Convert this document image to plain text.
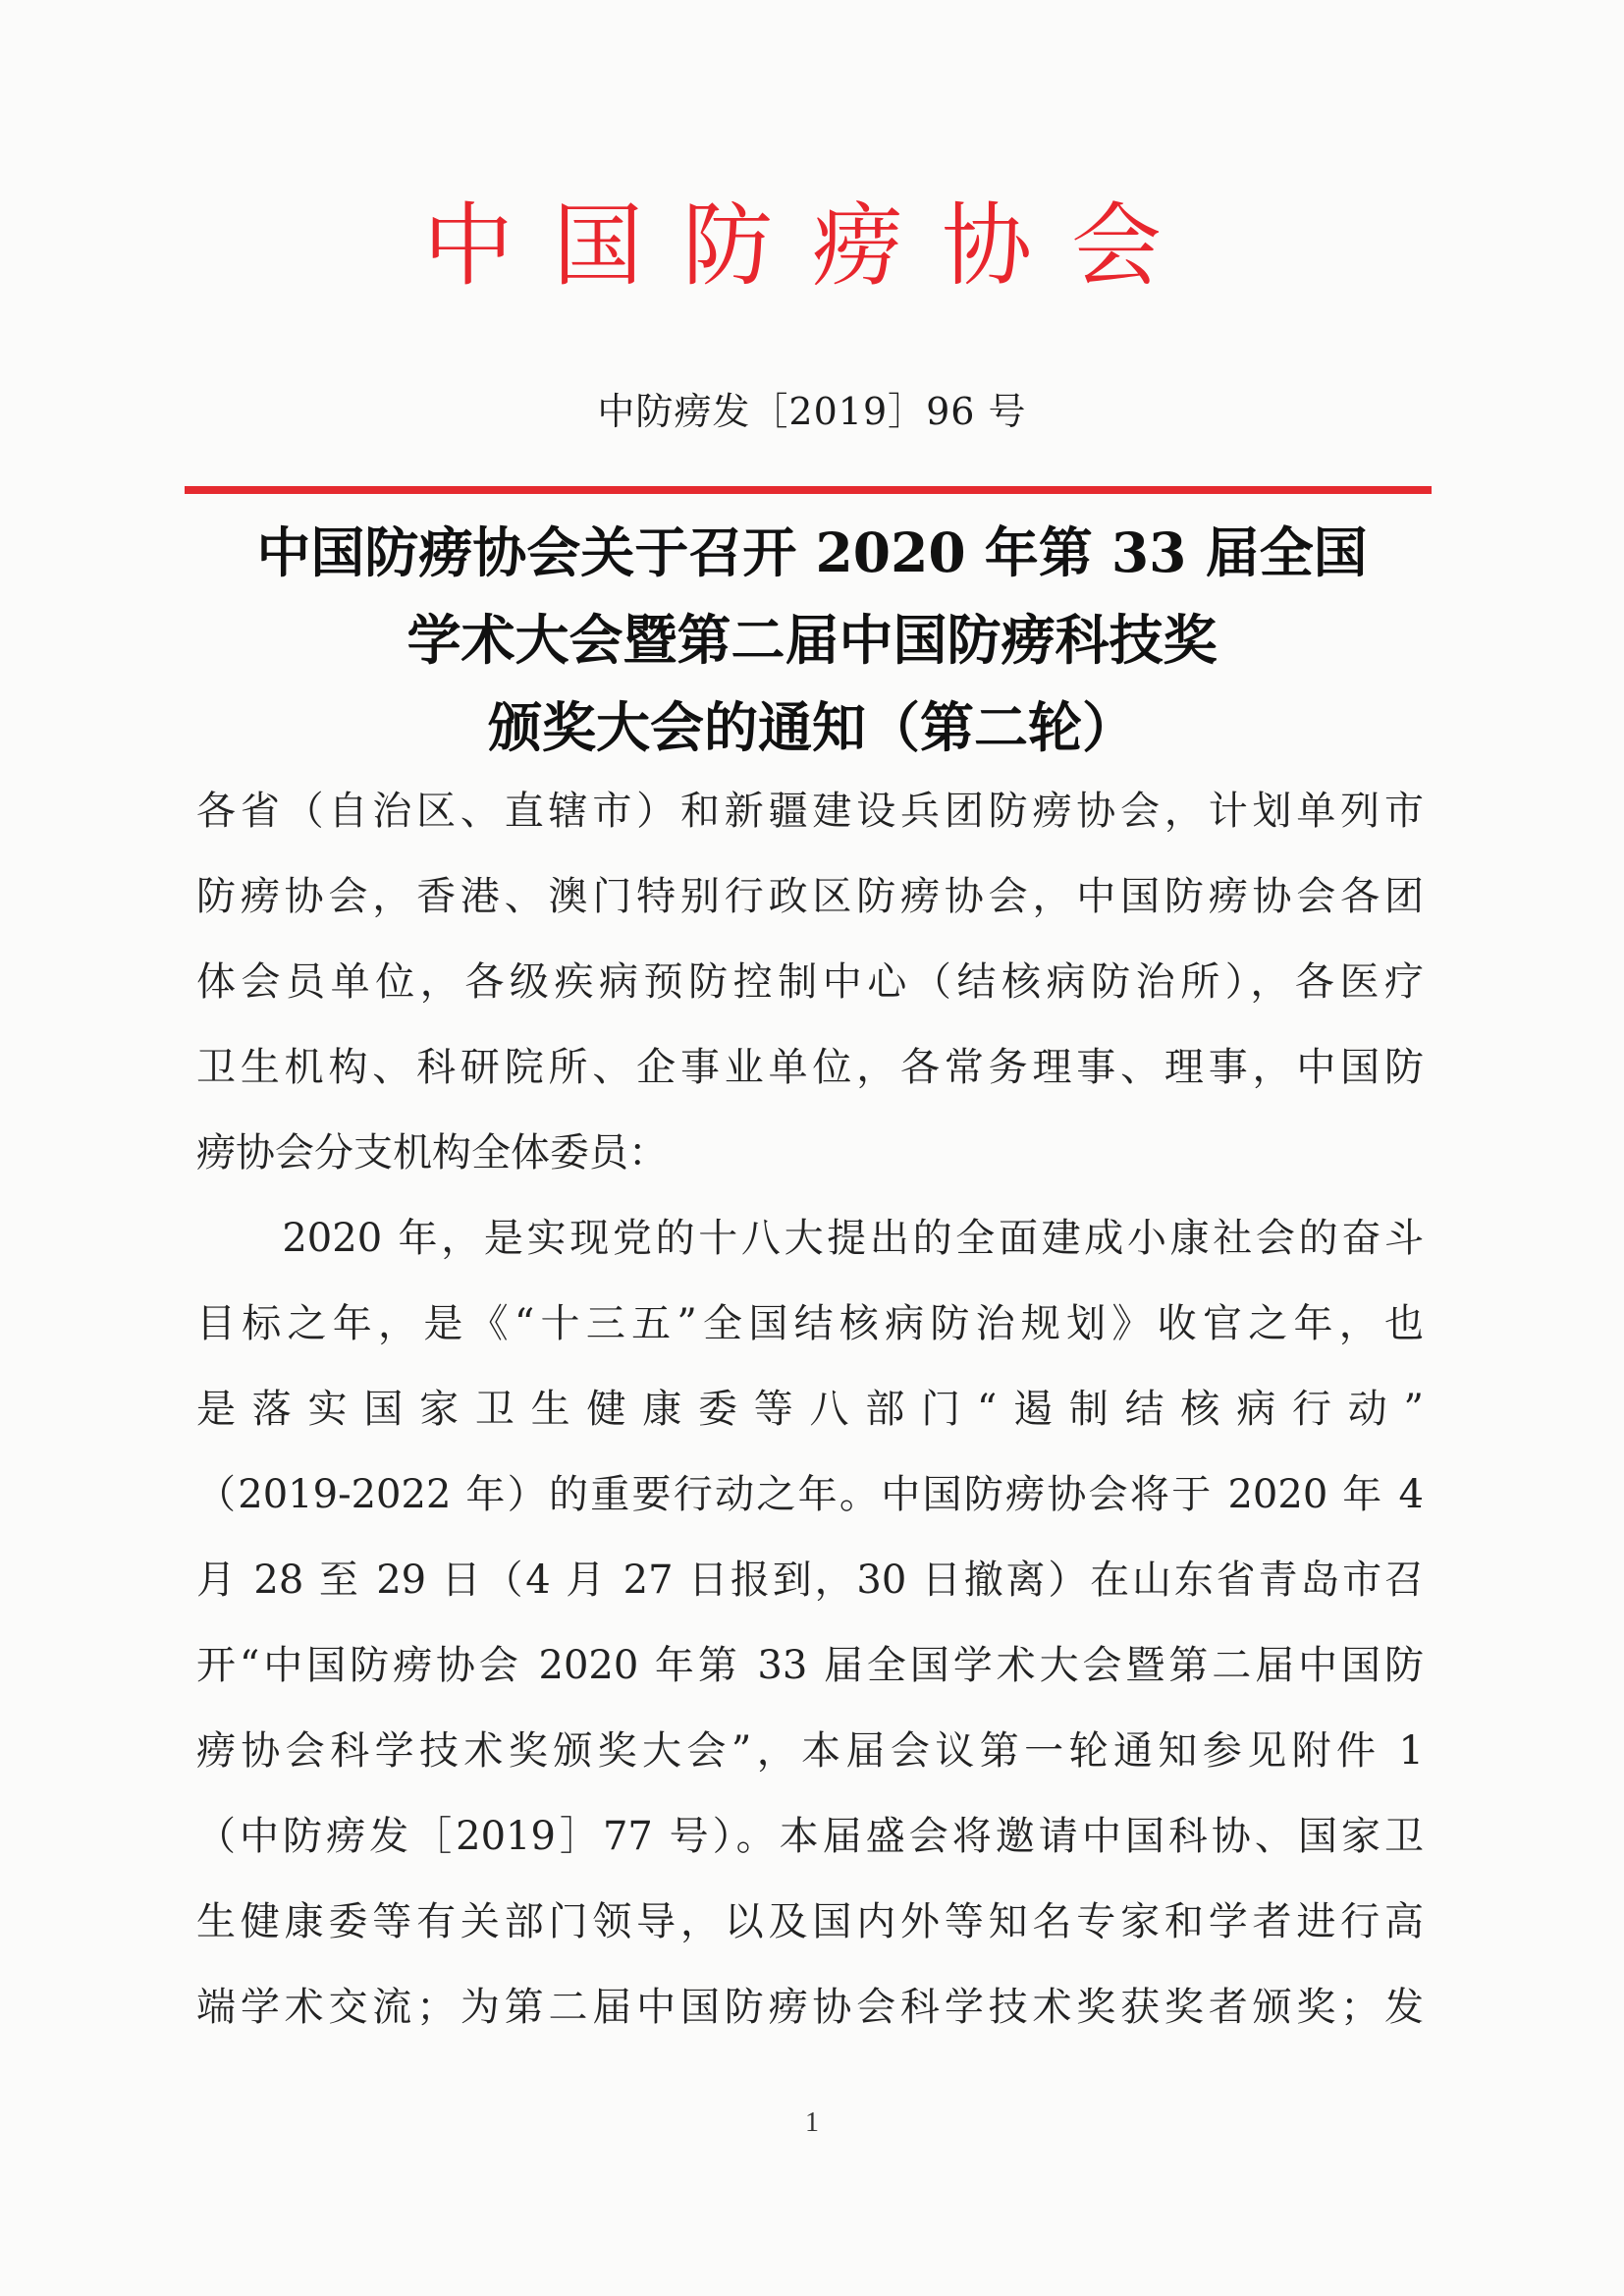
中国防痨协会
中防痨发［2019］96 号
中国防痨协会关于召开 2020 年第 33 届全国
学术大会暨第二届中国防痨科技奖
颁奖大会的通知（第二轮）
各省（自治区、直辖市）和新疆建设兵团防痨协会，计划单列市
防痨协会，香港、澳门特别行政区防痨协会，中国防痨协会各团
体会员单位，各级疾病预防控制中心（结核病防治所），各医疗
卫生机构、科研院所、企事业单位，各常务理事、理事，中国防
痨协会分支机构全体委员：
　　2020 年，是实现党的十八大提出的全面建成小康社会的奋斗
目标之年，是《“十三五”全国结核病防治规划》收官之年，也
是落实国家卫生健康委等八部门“遏制结核病行动”
（2019-2022 年）的重要行动之年。中国防痨协会将于 2020 年 4
月 28 至 29 日（4 月 27 日报到，30 日撤离）在山东省青岛市召
开“中国防痨协会 2020 年第 33 届全国学术大会暨第二届中国防
痨协会科学技术奖颁奖大会”，本届会议第一轮通知参见附件 1
（中防痨发［2019］77 号）。本届盛会将邀请中国科协、国家卫
生健康委等有关部门领导，以及国内外等知名专家和学者进行高
端学术交流；为第二届中国防痨协会科学技术奖获奖者颁奖；发
1
